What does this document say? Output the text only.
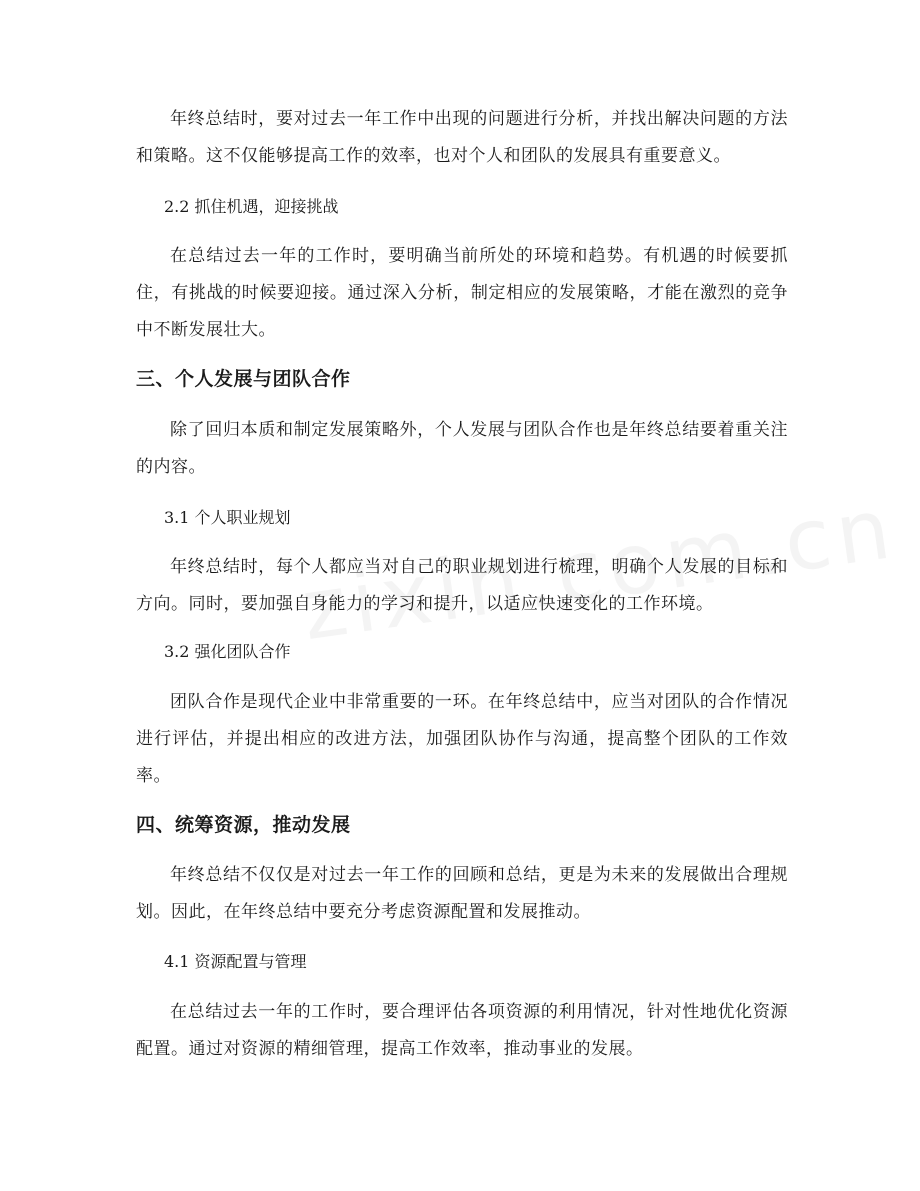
年终总结时，要对过去一年工作中出现的问题进行分析，并找出解决问题的方法和策略。这不仅能够提高工作的效率，也对个人和团队的发展具有重要意义。

2.2 抓住机遇，迎接挑战

在总结过去一年的工作时，要明确当前所处的环境和趋势。有机遇的时候要抓住，有挑战的时候要迎接。通过深入分析，制定相应的发展策略，才能在激烈的竞争中不断发展壮大。

三、个人发展与团队合作

除了回归本质和制定发展策略外，个人发展与团队合作也是年终总结要着重关注的内容。

3.1 个人职业规划

年终总结时，每个人都应当对自己的职业规划进行梳理，明确个人发展的目标和方向。同时，要加强自身能力的学习和提升，以适应快速变化的工作环境。

3.2 强化团队合作

团队合作是现代企业中非常重要的一环。在年终总结中，应当对团队的合作情况进行评估，并提出相应的改进方法，加强团队协作与沟通，提高整个团队的工作效率。

四、统筹资源，推动发展

年终总结不仅仅是对过去一年工作的回顾和总结，更是为未来的发展做出合理规划。因此，在年终总结中要充分考虑资源配置和发展推动。

4.1 资源配置与管理

在总结过去一年的工作时，要合理评估各项资源的利用情况，针对性地优化资源配置。通过对资源的精细管理，提高工作效率，推动事业的发展。
